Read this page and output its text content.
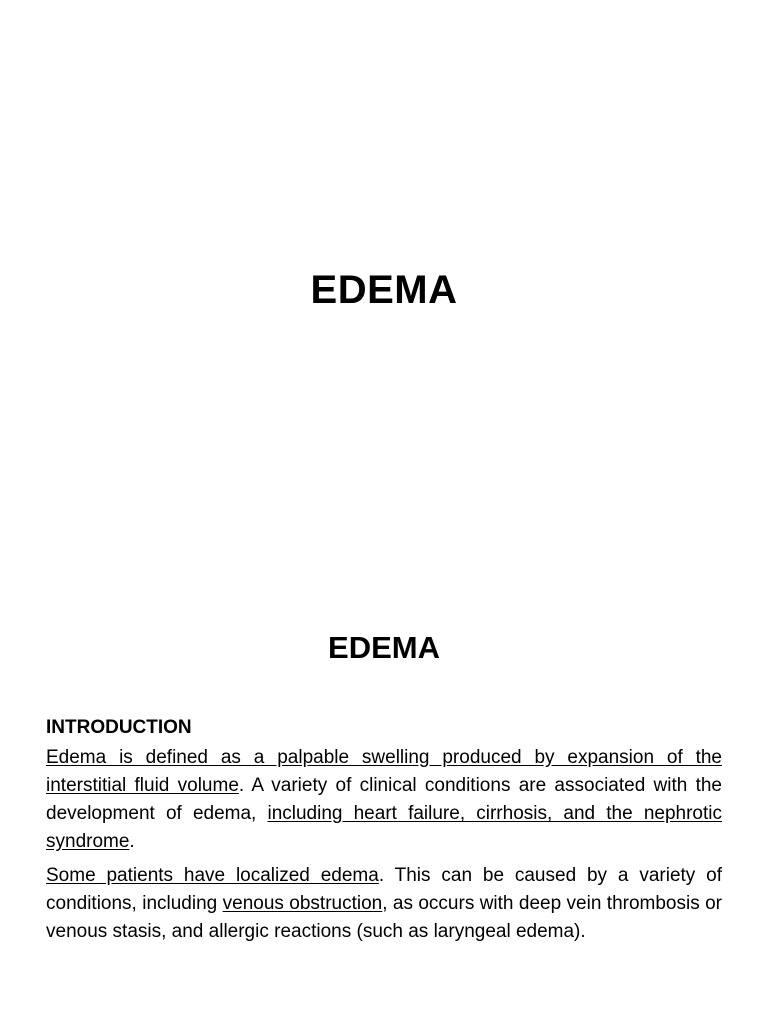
EDEMA
EDEMA

INTRODUCTION

Edema is defined as a palpable swelling produced by expansion of the interstitial fluid volume. A variety of clinical conditions are associated with the development of edema, including heart failure, cirrhosis, and the nephrotic syndrome.

Some patients have localized edema. This can be caused by a variety of conditions, including venous obstruction, as occurs with deep vein thrombosis or venous stasis, and allergic reactions (such as laryngeal edema).
